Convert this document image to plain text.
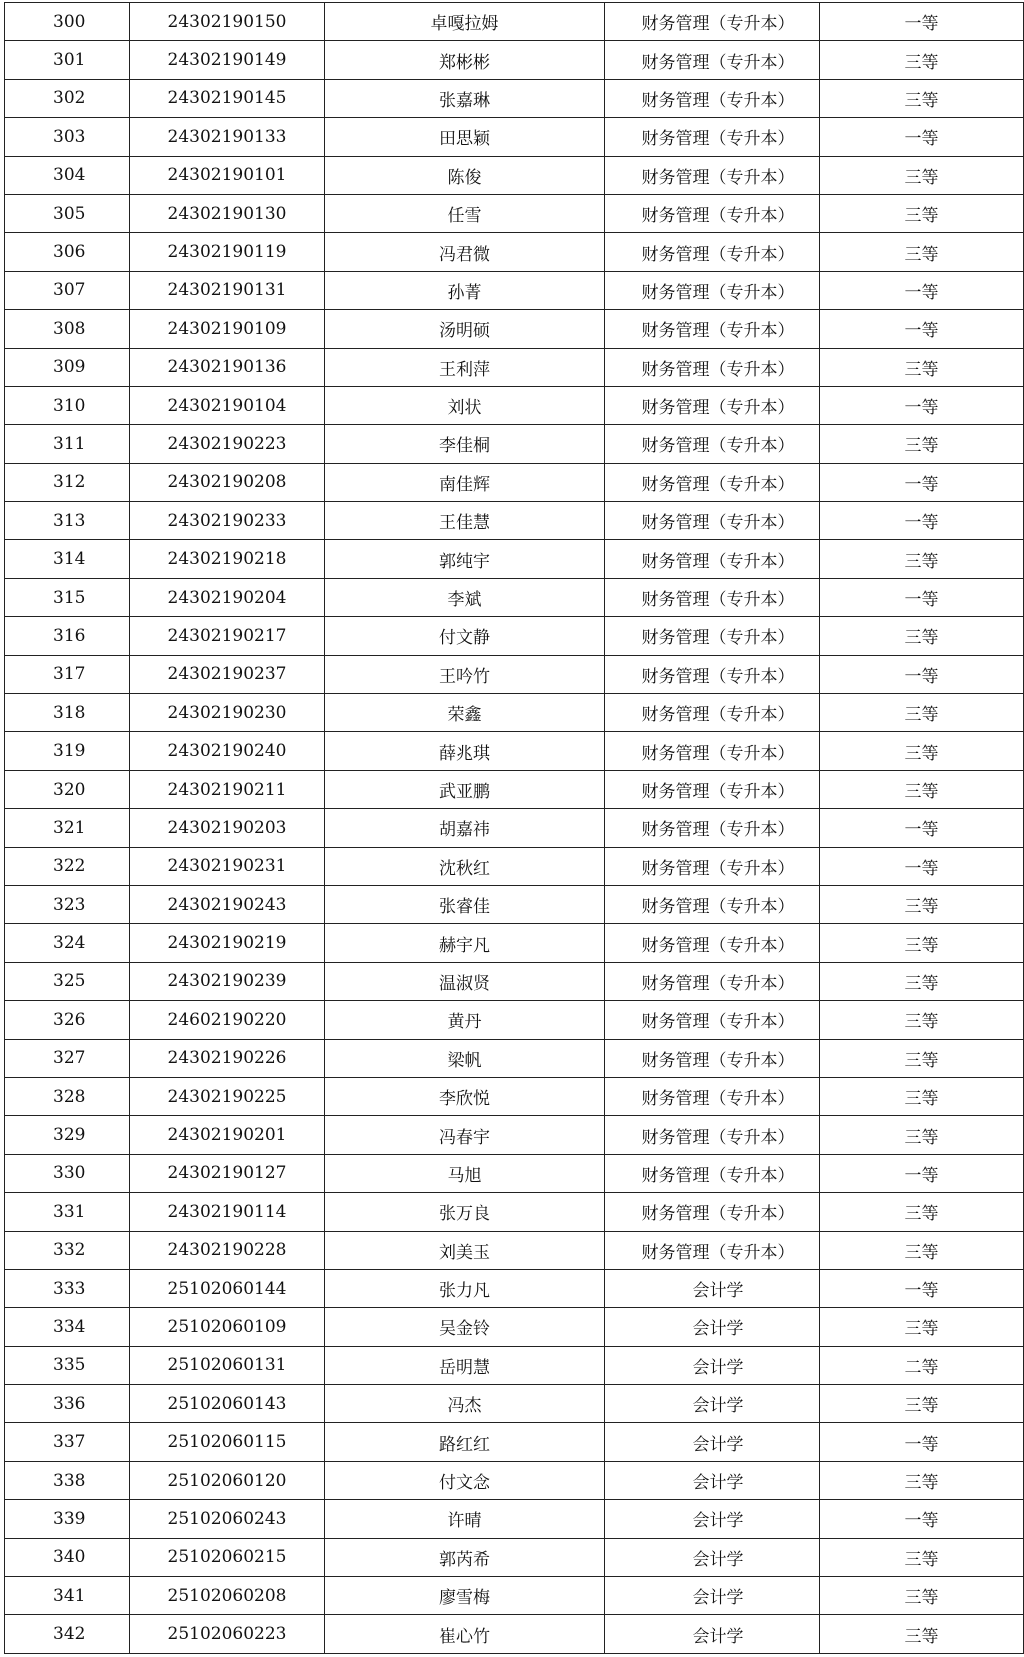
300	24302190150	卓嘎拉姆	财务管理（专升本）	一等
301	24302190149	郑彬彬	财务管理（专升本）	三等
302	24302190145	张嘉琳	财务管理（专升本）	三等
303	24302190133	田思颖	财务管理（专升本）	一等
304	24302190101	陈俊	财务管理（专升本）	三等
305	24302190130	任雪	财务管理（专升本）	三等
306	24302190119	冯君微	财务管理（专升本）	三等
307	24302190131	孙菁	财务管理（专升本）	一等
308	24302190109	汤明硕	财务管理（专升本）	一等
309	24302190136	王利萍	财务管理（专升本）	三等
310	24302190104	刘状	财务管理（专升本）	一等
311	24302190223	李佳桐	财务管理（专升本）	三等
312	24302190208	南佳辉	财务管理（专升本）	一等
313	24302190233	王佳慧	财务管理（专升本）	一等
314	24302190218	郭纯宇	财务管理（专升本）	三等
315	24302190204	李斌	财务管理（专升本）	一等
316	24302190217	付文静	财务管理（专升本）	三等
317	24302190237	王吟竹	财务管理（专升本）	一等
318	24302190230	荣鑫	财务管理（专升本）	三等
319	24302190240	薛兆琪	财务管理（专升本）	三等
320	24302190211	武亚鹏	财务管理（专升本）	三等
321	24302190203	胡嘉祎	财务管理（专升本）	一等
322	24302190231	沈秋红	财务管理（专升本）	一等
323	24302190243	张睿佳	财务管理（专升本）	三等
324	24302190219	赫宇凡	财务管理（专升本）	三等
325	24302190239	温淑贤	财务管理（专升本）	三等
326	24602190220	黄丹	财务管理（专升本）	三等
327	24302190226	梁帆	财务管理（专升本）	三等
328	24302190225	李欣悦	财务管理（专升本）	三等
329	24302190201	冯春宇	财务管理（专升本）	三等
330	24302190127	马旭	财务管理（专升本）	一等
331	24302190114	张万良	财务管理（专升本）	三等
332	24302190228	刘美玉	财务管理（专升本）	三等
333	25102060144	张力凡	会计学	一等
334	25102060109	吴金铃	会计学	三等
335	25102060131	岳明慧	会计学	二等
336	25102060143	冯杰	会计学	三等
337	25102060115	路红红	会计学	一等
338	25102060120	付文念	会计学	三等
339	25102060243	许晴	会计学	一等
340	25102060215	郭芮希	会计学	三等
341	25102060208	廖雪梅	会计学	三等
342	25102060223	崔心竹	会计学	三等
